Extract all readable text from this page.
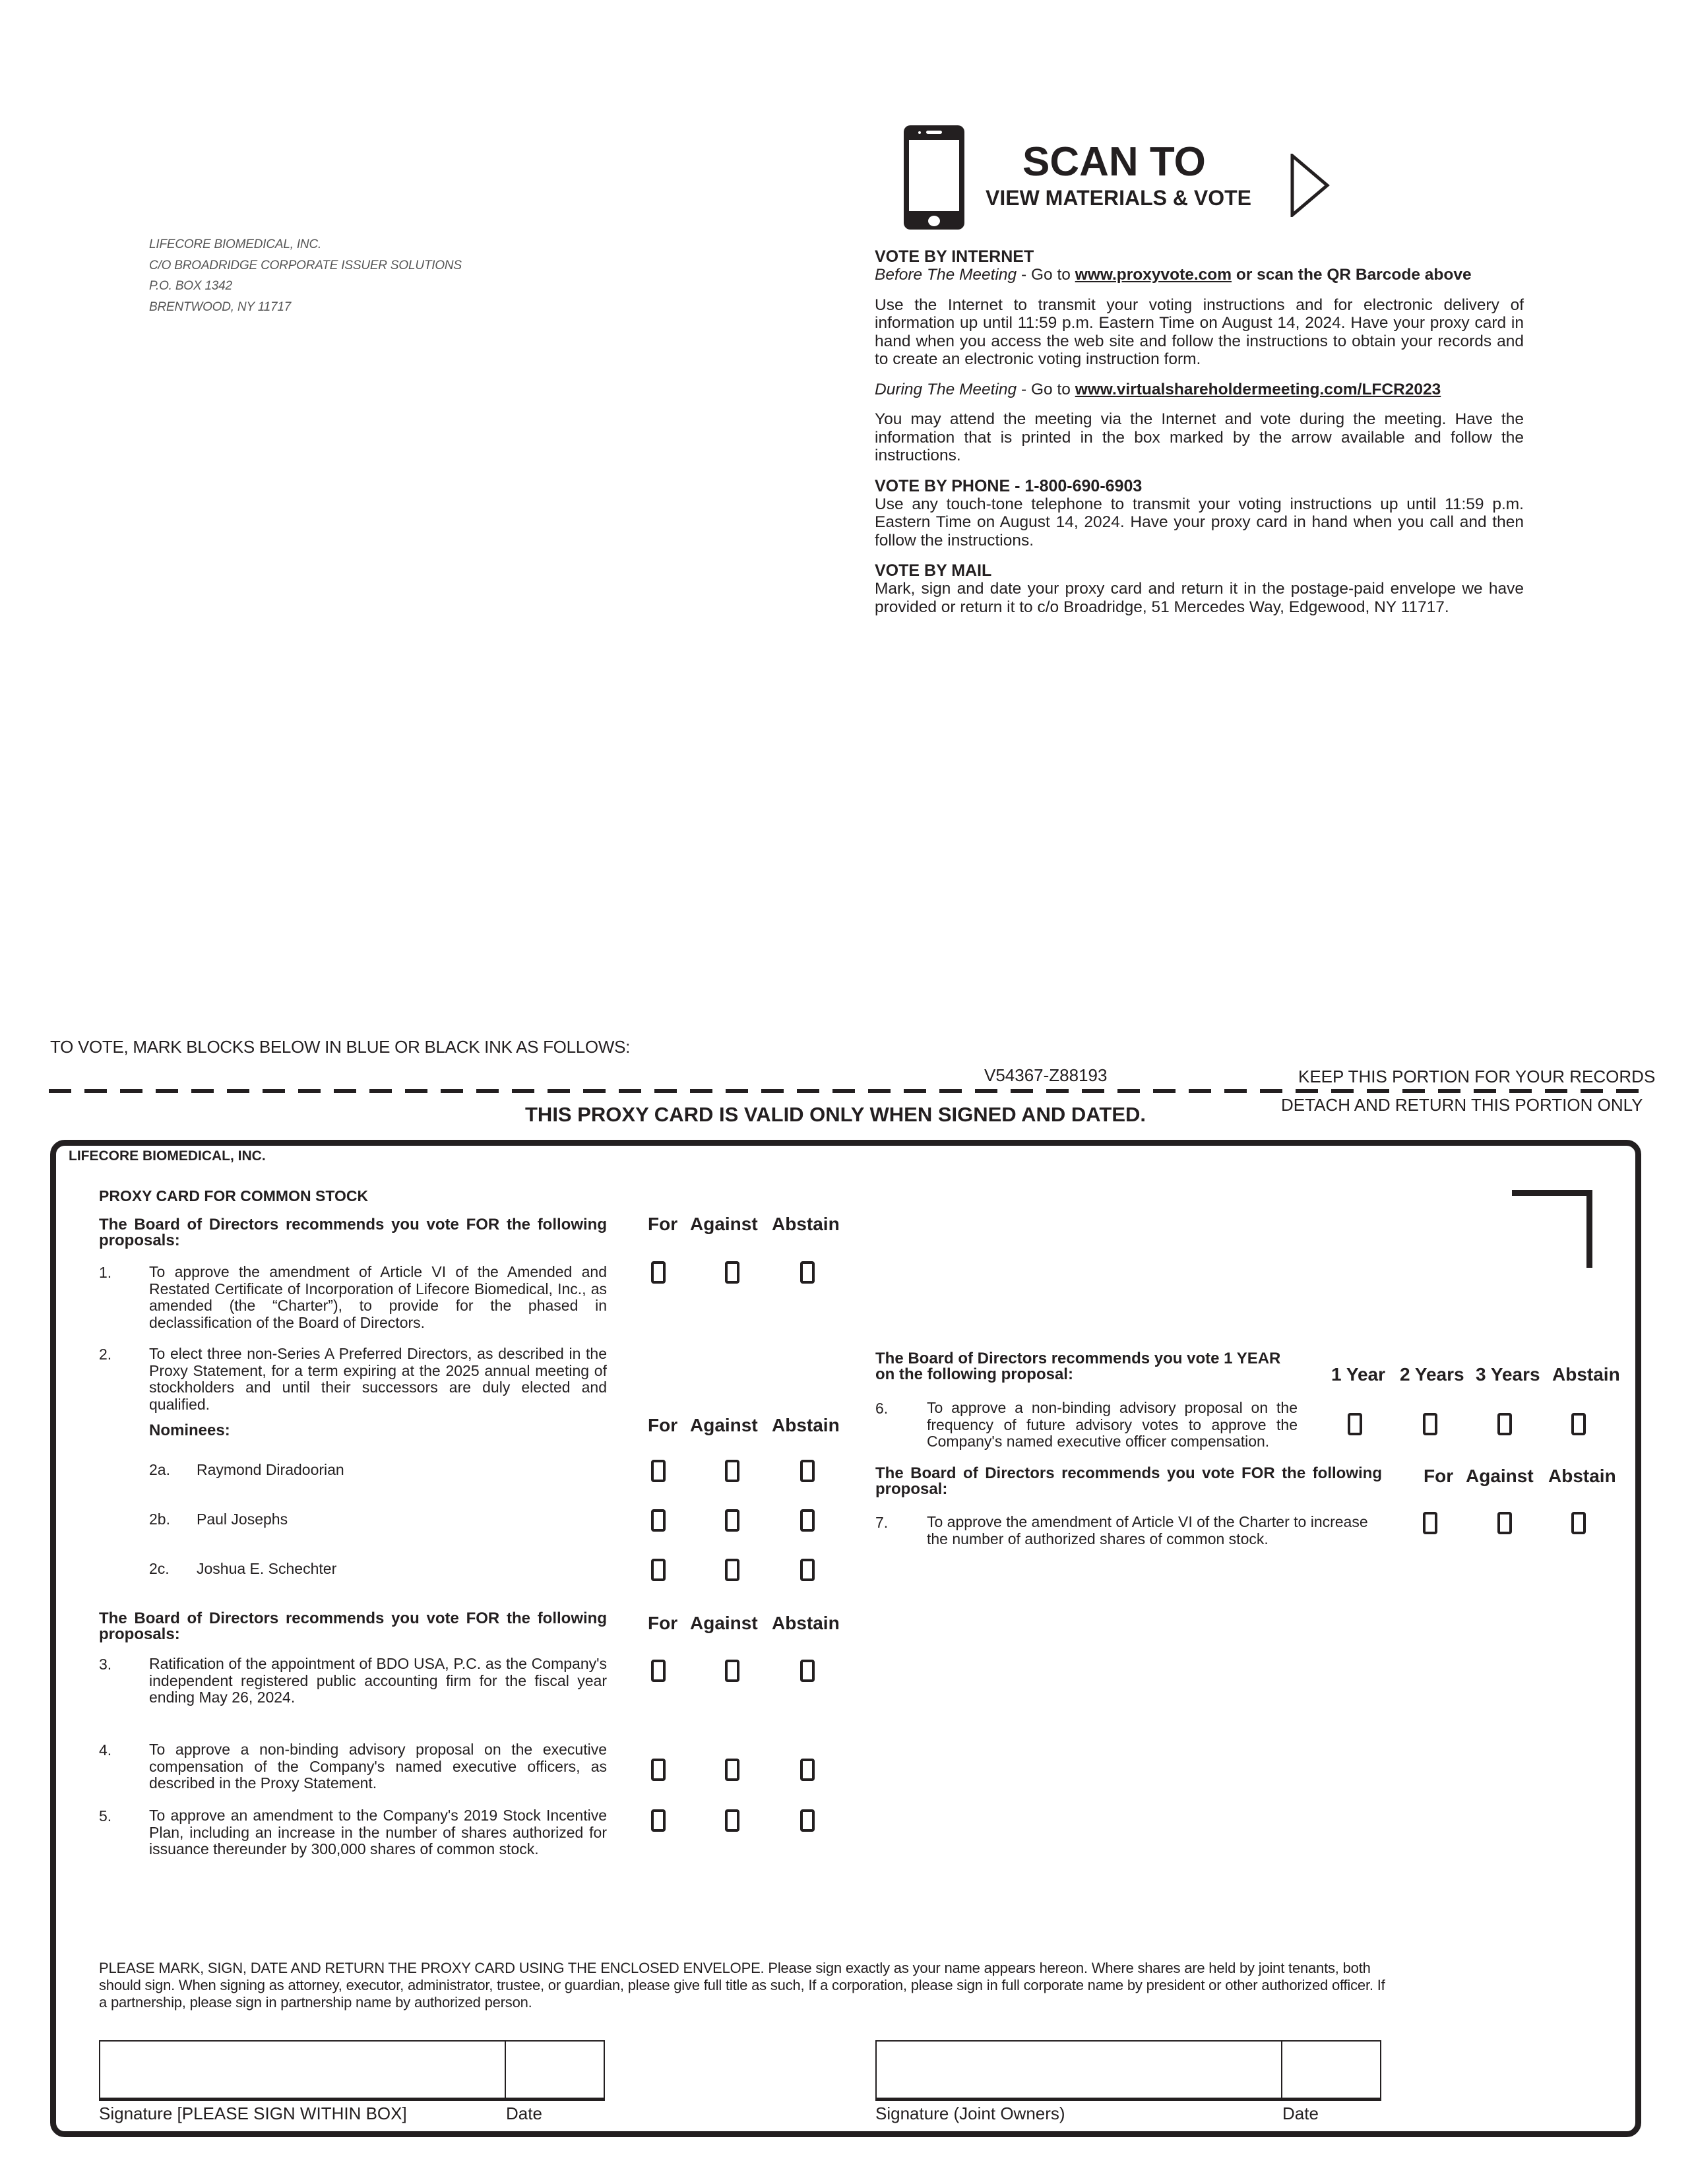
LIFECORE BIOMEDICAL, INC.
C/O BROADRIDGE CORPORATE ISSUER SOLUTIONS
P.O. BOX 1342
BRENTWOOD, NY 11717
SCAN TO
VIEW MATERIALS & VOTE
VOTE BY INTERNET

Before The Meeting - Go to www.proxyvote.com or scan the QR Barcode above

Use the Internet to transmit your voting instructions and for electronic delivery of information up until 11:59 p.m. Eastern Time on August 14, 2024. Have your proxy card in hand when you access the web site and follow the instructions to obtain your records and to create an electronic voting instruction form.

During The Meeting - Go to www.virtualshareholdermeeting.com/LFCR2023

You may attend the meeting via the Internet and vote during the meeting. Have the information that is printed in the box marked by the arrow available and follow the instructions.

VOTE BY PHONE - 1-800-690-6903

Use any touch-tone telephone to transmit your voting instructions up until 11:59 p.m. Eastern Time on August 14, 2024. Have your proxy card in hand when you call and then follow the instructions.

VOTE BY MAIL

Mark, sign and date your proxy card and return it in the postage-paid envelope we have provided or return it to c/o Broadridge, 51 Mercedes Way, Edgewood, NY 11717.

TO VOTE, MARK BLOCKS BELOW IN BLUE OR BLACK INK AS FOLLOWS:
V54367-Z88193	KEEP THIS PORTION FOR YOUR RECORDS
THIS PROXY CARD IS VALID ONLY WHEN SIGNED AND DATED.	DETACH AND RETURN THIS PORTION ONLY
LIFECORE BIOMEDICAL, INC.
PROXY CARD FOR COMMON STOCK
The Board of Directors recommends you vote FOR the following proposals:
For Against Abstain
1. To approve the amendment of Article VI of the Amended and Restated Certificate of Incorporation of Lifecore Biomedical, Inc., as amended (the “Charter”), to provide for the phased in declassification of the Board of Directors.
2. To elect three non-Series A Preferred Directors, as described in the Proxy Statement, for a term expiring at the 2025 annual meeting of stockholders and until their successors are duly elected and qualified.
Nominees:	For Against Abstain
2a. Raymond Diradoorian
2b. Paul Josephs
2c. Joshua E. Schechter
The Board of Directors recommends you vote FOR the following proposals:
For Against Abstain
3. Ratification of the appointment of BDO USA, P.C. as the Company's independent registered public accounting firm for the fiscal year ending May 26, 2024.
4. To approve a non-binding advisory proposal on the executive compensation of the Company's named executive officers, as described in the Proxy Statement.
5. To approve an amendment to the Company's 2019 Stock Incentive Plan, including an increase in the number of shares authorized for issuance thereunder by 300,000 shares of common stock.
The Board of Directors recommends you vote 1 YEAR on the following proposal:	1 Year 2 Years 3 Years Abstain
6.	To approve a non-binding advisory proposal on the frequency of future advisory votes to approve the Company's named executive officer compensation.
The Board of Directors recommends you vote FOR the following proposal:
For Against Abstain
7.	To approve the amendment of Article VI of the Charter to increase the number of authorized shares of common stock.
PLEASE MARK, SIGN, DATE AND RETURN THE PROXY CARD USING THE ENCLOSED ENVELOPE. Please sign exactly as your name appears hereon. Where shares are held by joint tenants, both should sign. When signing as attorney, executor, administrator, trustee, or guardian, please give full title as such, If a corporation, please sign in full corporate name by president or other authorized officer. If a partnership, please sign in partnership name by authorized person.
Signature [PLEASE SIGN WITHIN BOX]	Date	Signature (Joint Owners)	Date
